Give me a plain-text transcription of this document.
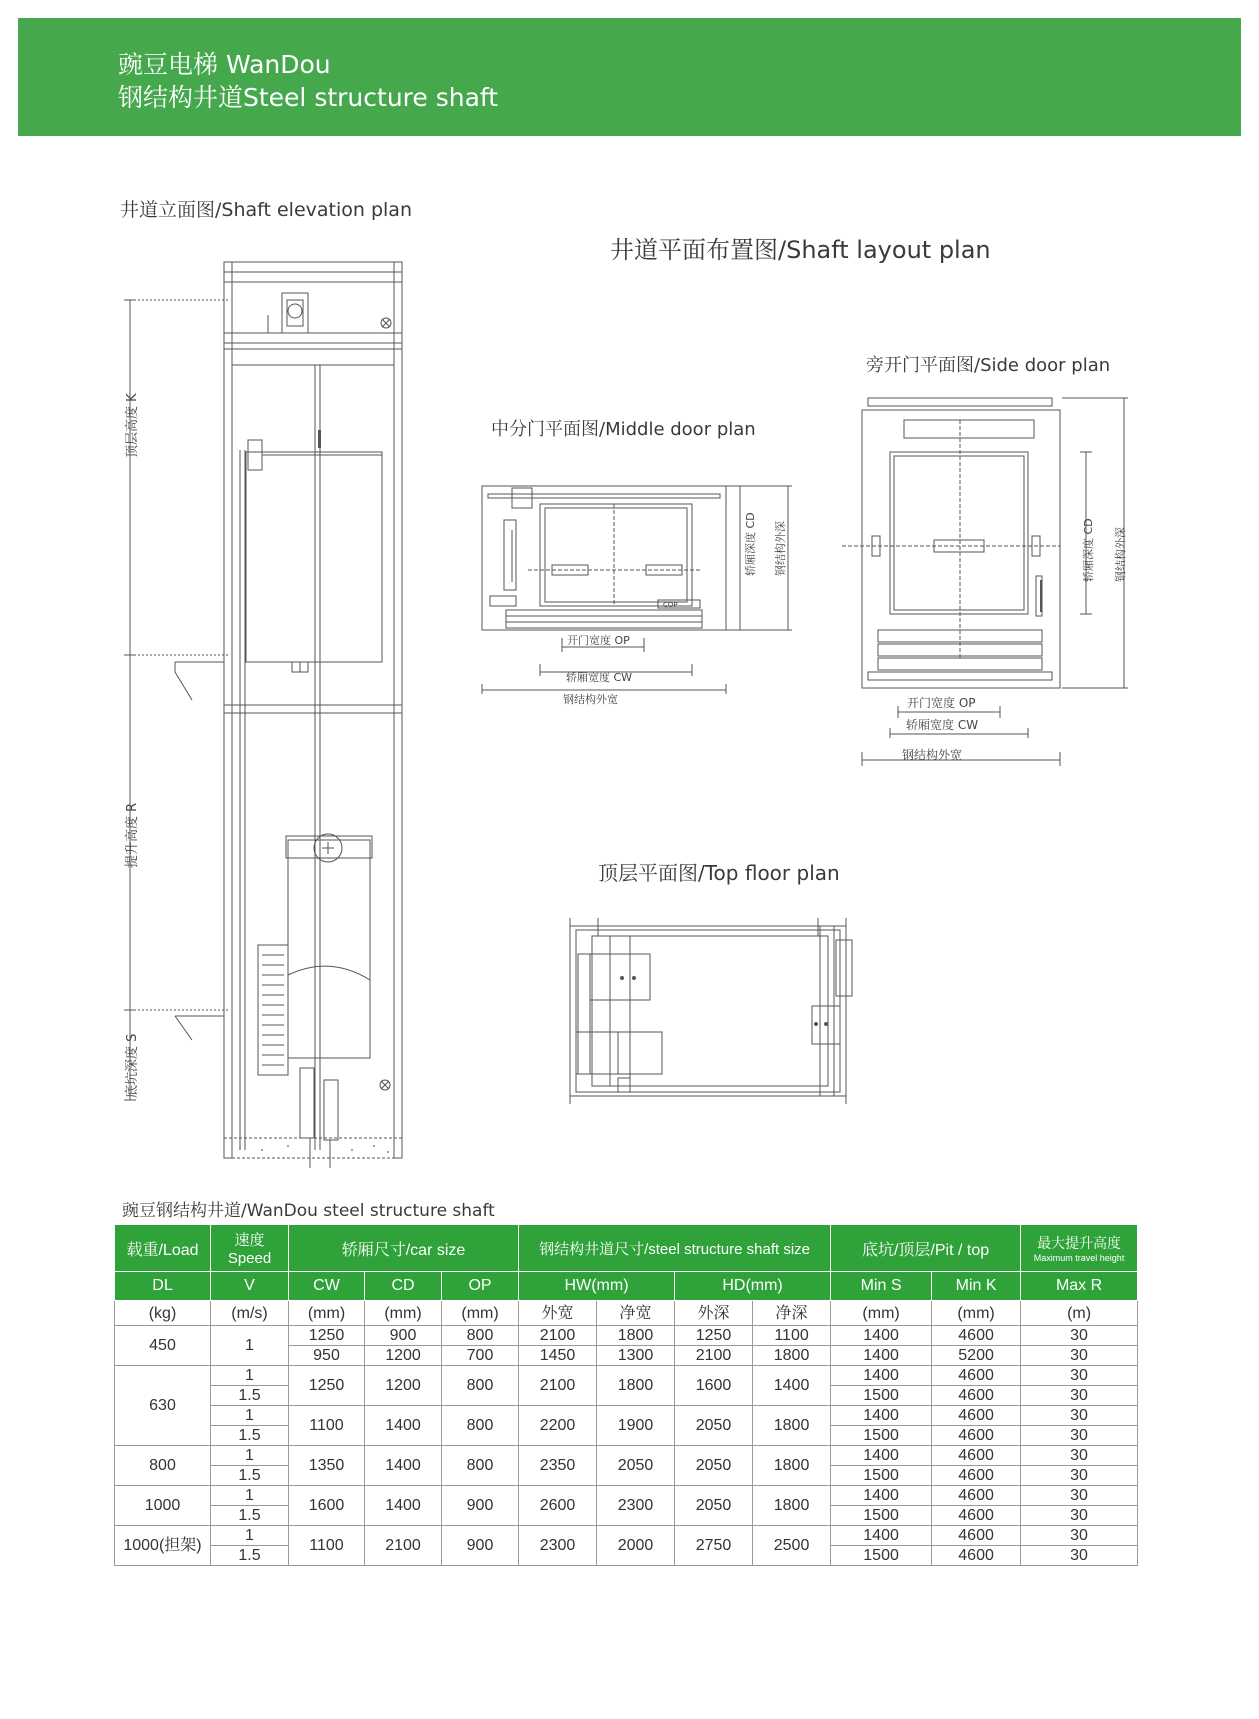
豌豆电梯 WanDou
钢结构井道Steel structure shaft
井道立面图/Shaft elevation plan
井道平面布置图/Shaft layout plan
旁开门平面图/Side door plan
中分门平面图/Middle door plan
顶层平面图/Top floor plan
豌豆钢结构井道/WanDou steel structure shaft
顶层高度 K
提升高度 R
底坑深度 S
开门宽度 OP
轿厢宽度 CW
钢结构外宽
COP
轿厢深度 CD 钢结构外深
开门宽度 OP
轿厢宽度 CW
钢结构外宽
轿厢深度 CD 钢结构外深
载重/Load	速度
Speed	轿厢尺寸/car size			钢结构井道尺寸/steel structure shaft size				底坑/顶层/Pit / top		最大提升高度
Maximum travel height

DL	V	CW	CD	OP	HW(mm)		HD(mm)		Min S	Min K	Max R
(kg)	(m/s)	(mm)	(mm)	(mm)	外宽	净宽	外深	净深	(mm)	(mm)	(m)
450	1	1250	900	800	2100	1800	1250	1100	1400	4600	30
		950	1200	700	1450	1300	2100	1800	1400	5200	30
630	1	1250	1200	800	2100	1800	1600	1400	1400	4600	30
	1.5								1500	4600	30
	1	1100	1400	800	2200	1900	2050	1800	1400	4600	30
	1.5								1500	4600	30
800	1	1350	1400	800	2350	2050	2050	1800	1400	4600	30
	1.5								1500	4600	30
1000	1	1600	1400	900	2600	2300	2050	1800	1400	4600	30
	1.5								1500	4600	30
1000(担架)	1	1100	2100	900	2300	2000	2750	2500	1400	4600	30
	1.5								1500	4600	30
